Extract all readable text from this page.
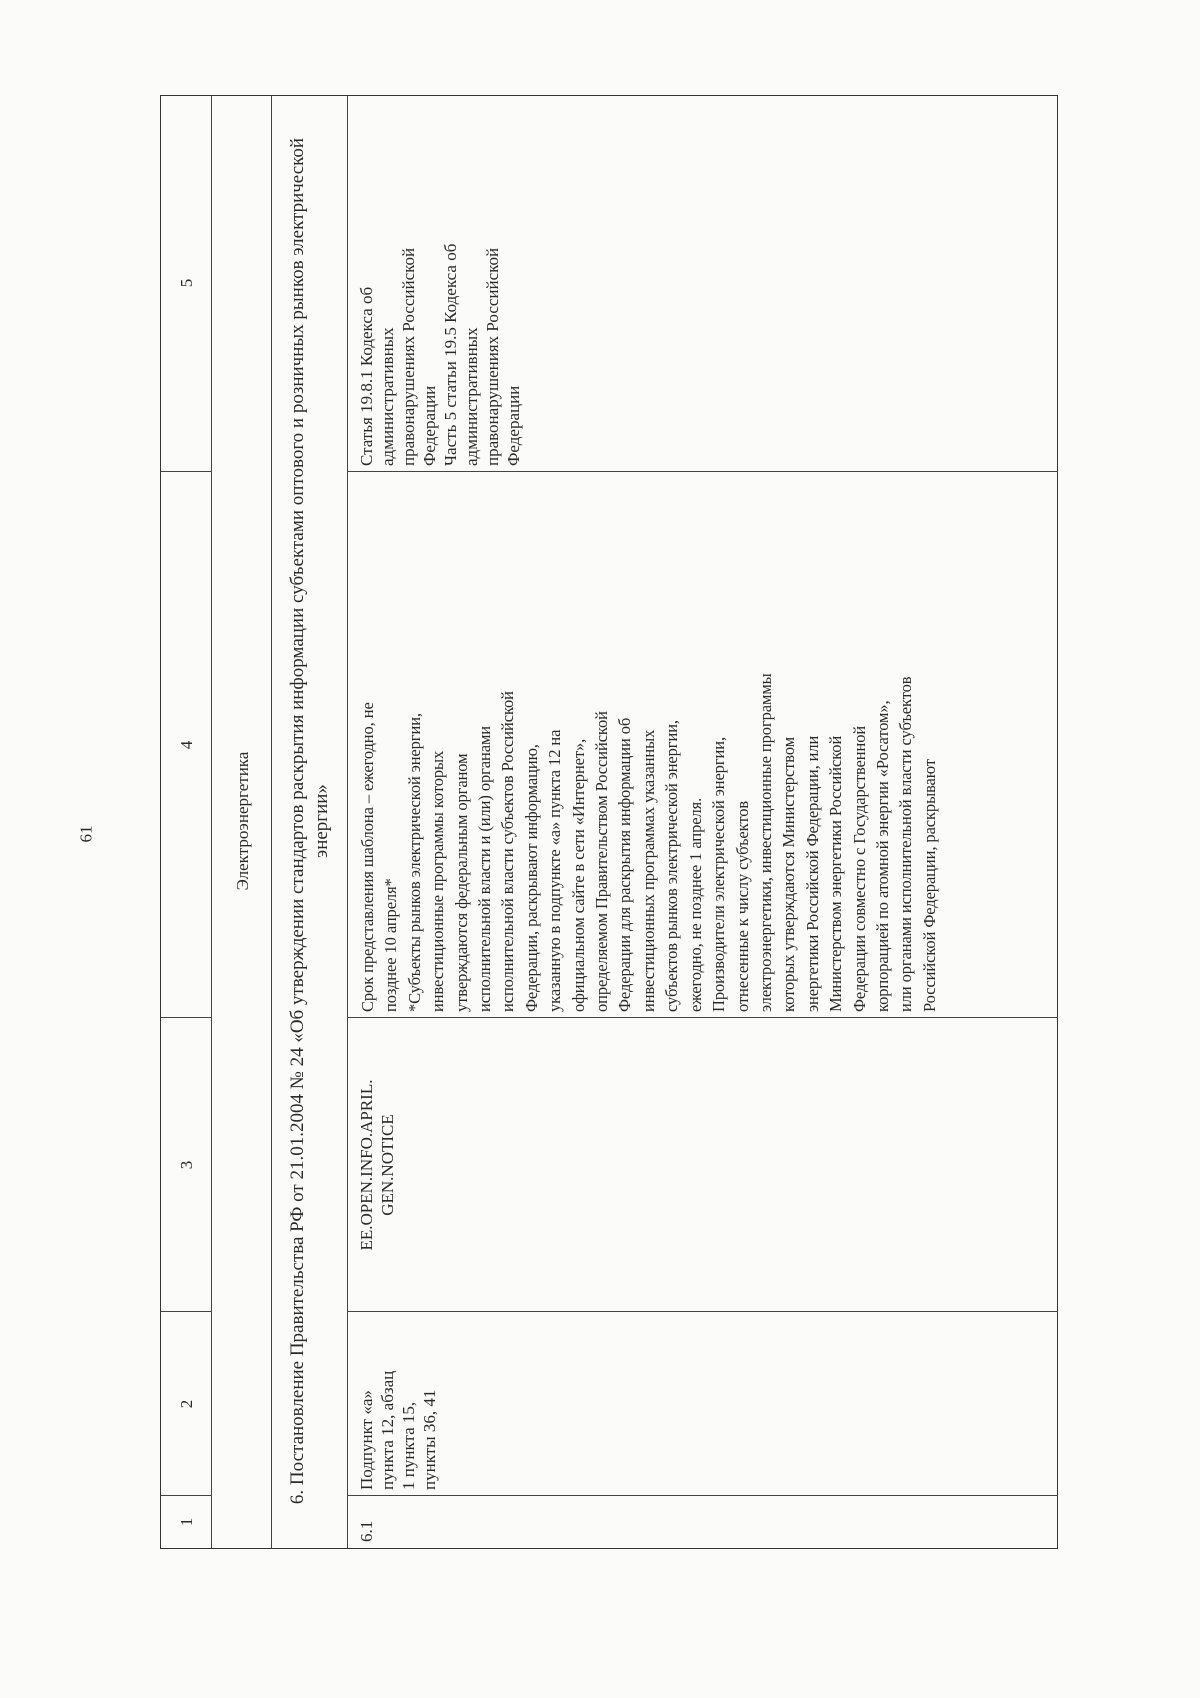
61
1
2
3
4
5
Электроэнергетика 6. Постановление Правительства РФ от 21.01.2004 № 24 «Об утверждении стандартов раскрытия информации субъектами оптового и розничных рынков электрической энергии»
6.1
Подпункт «а»
пункта 12, абзац
1 пункта 15,
пункты 36, 41
EE.OPEN.INFO.APRIL.
GEN.NOTICE
Срок представления шаблона – ежегодно, не
позднее 10 апреля*
*Субъекты рынков электрической энергии,
инвестиционные программы которых
утверждаются федеральным органом
исполнительной власти и (или) органами
исполнительной власти субъектов Российской
Федерации, раскрывают информацию,
указанную в подпункте «а» пункта 12 на
официальном сайте в сети «Интернет»,
определяемом Правительством Российской
Федерации для раскрытия информации об
инвестиционных программах указанных
субъектов рынков электрической энергии,
ежегодно, не позднее 1 апреля.
Производители электрической энергии,
отнесенные к числу субъектов
электроэнергетики, инвестиционные программы
которых утверждаются Министерством
энергетики Российской Федерации, или
Министерством энергетики Российской
Федерации совместно с Государственной
корпорацией по атомной энергии «Росатом»,
или органами исполнительной власти субъектов
Российской Федерации, раскрывают
Статья 19.8.1 Кодекса об
административных
правонарушениях Российской
Федерации
Часть 5 статьи 19.5 Кодекса об
административных
правонарушениях Российской
Федерации
